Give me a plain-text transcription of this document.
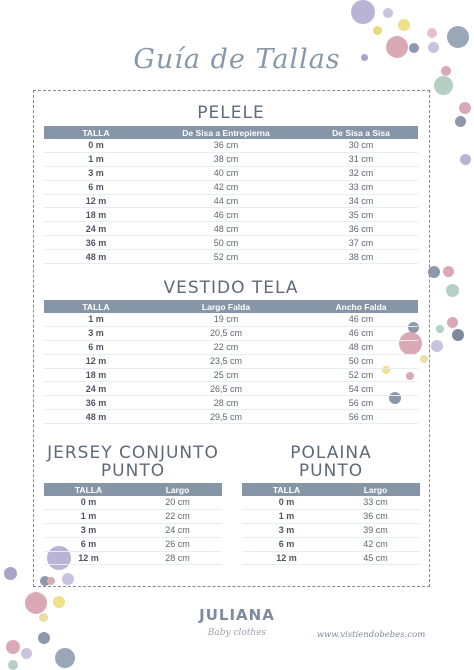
Guía de Tallas
PELELE
TALLA	De Sisa a Entrepierna	De Sisa a Sisa
0 m	36 cm	30 cm
1 m	38 cm	31 cm
3 m	40 cm	32 cm
6 m	42 cm	33 cm
12 m	44 cm	34 cm
18 m	46 cm	35 cm
24 m	48 cm	36 cm
36 m	50 cm	37 cm
48 m	52 cm	38 cm
VESTIDO TELA
TALLA	Largo Falda	Ancho Falda
1 m	19 cm	46 cm
3 m	20,5 cm	46 cm
6 m	22 cm	48 cm
12 m	23,5 cm	50 cm
18 m	25 cm	52 cm
24 m	26,5 cm	54 cm
36 m	28 cm	56 cm
48 m	29,5 cm	56 cm
JERSEY CONJUNTO
PUNTO
TALLA	Largo
0 m	20 cm
1 m	22 cm
3 m	24 cm
6 m	26 cm
12 m	28 cm
POLAINA
PUNTO
TALLA	Largo
0 m	33 cm
1 m	36 cm
3 m	39 cm
6 m	42 cm
12 m	45 cm
JULIANA
Baby clothes	www.vistiendobebes.com
